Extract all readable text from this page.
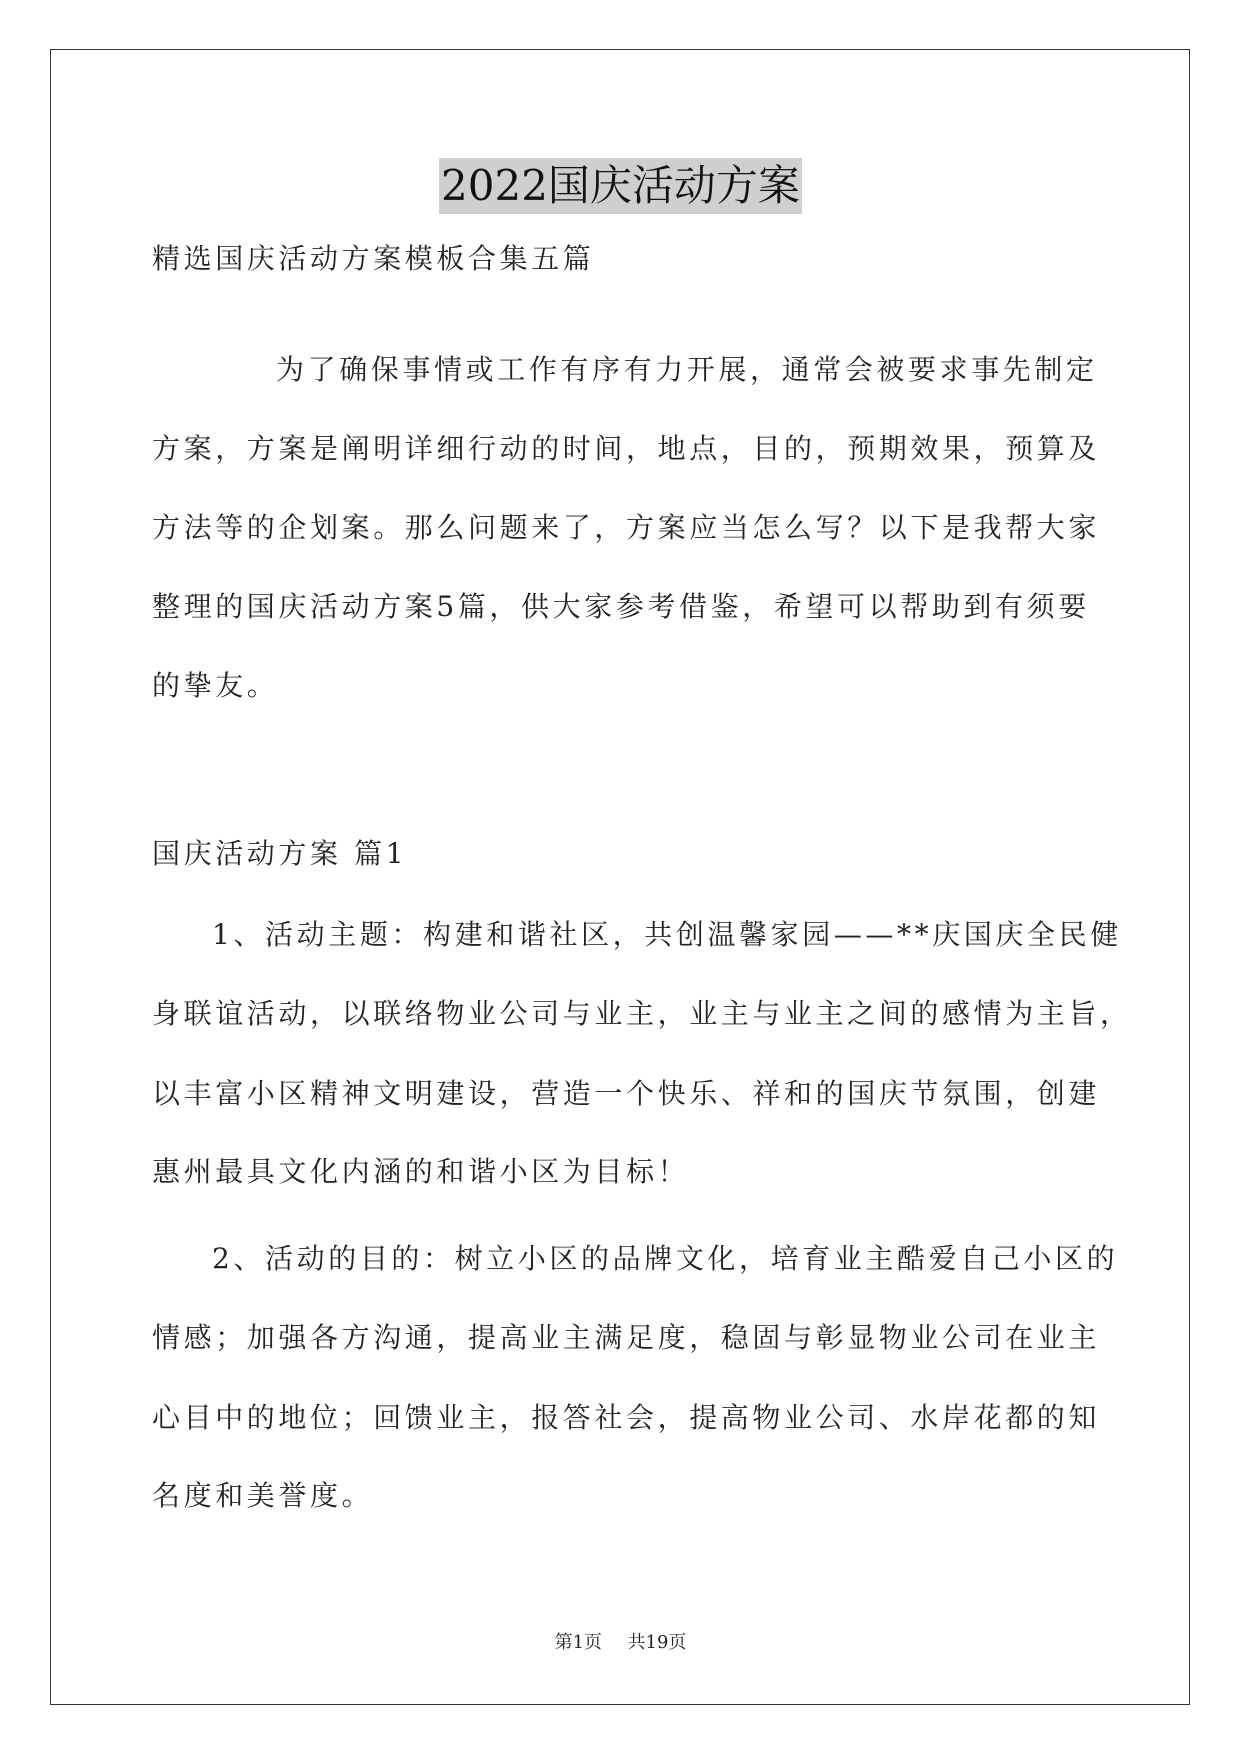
2022国庆活动方案
精选国庆活动方案模板合集五篇
为了确保事情或工作有序有力开展，通常会被要求事先制定
方案，方案是阐明详细行动的时间，地点，目的，预期效果，预算及
方法等的企划案。那么问题来了，方案应当怎么写？以下是我帮大家
整理的国庆活动方案5篇，供大家参考借鉴，希望可以帮助到有须要
的挚友。
国庆活动方案 篇1
1、活动主题：构建和谐社区，共创温馨家园——**庆国庆全民健
身联谊活动，以联络物业公司与业主，业主与业主之间的感情为主旨，
以丰富小区精神文明建设，营造一个快乐、祥和的国庆节氛围，创建
惠州最具文化内涵的和谐小区为目标！
2、活动的目的：树立小区的品牌文化，培育业主酷爱自己小区的
情感；加强各方沟通，提高业主满足度，稳固与彰显物业公司在业主
心目中的地位；回馈业主，报答社会，提高物业公司、水岸花都的知
名度和美誉度。
第1页 共19页
